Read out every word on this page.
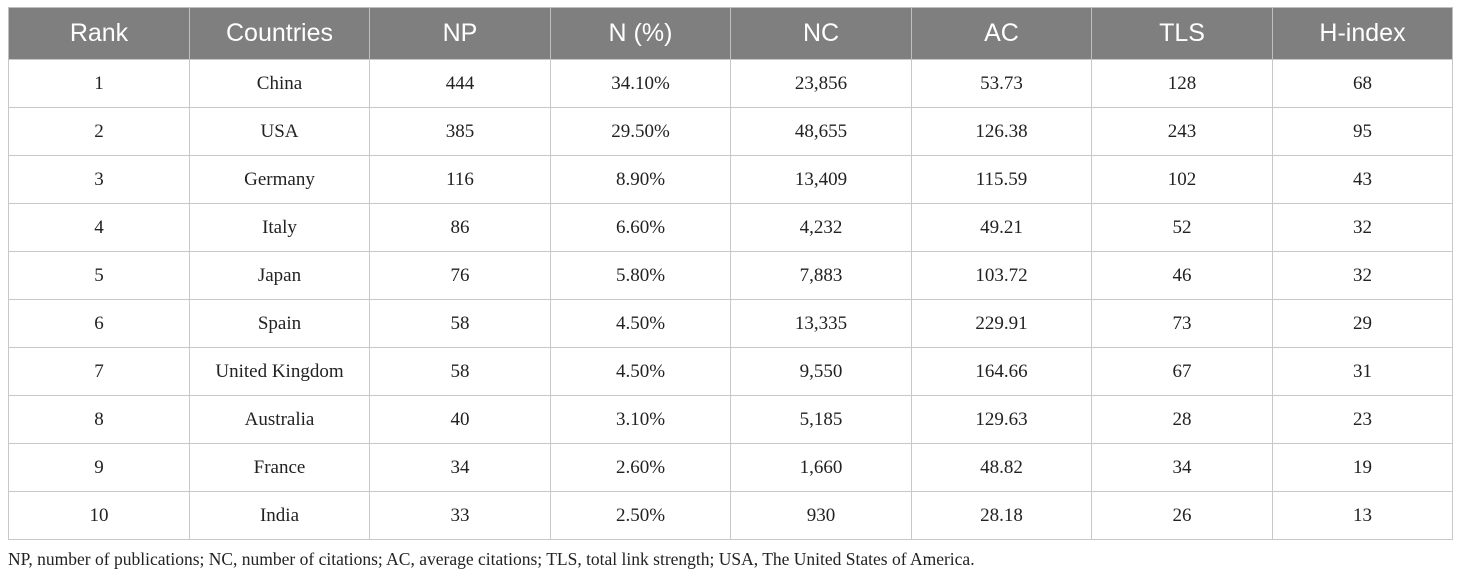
Rank	Countries	NP	N (%)	NC	AC	TLS	H-index
1	China	444	34.10%	23,856	53.73	128	68
2	USA	385	29.50%	48,655	126.38	243	95
3	Germany	116	8.90%	13,409	115.59	102	43
4	Italy	86	6.60%	4,232	49.21	52	32
5	Japan	76	5.80%	7,883	103.72	46	32
6	Spain	58	4.50%	13,335	229.91	73	29
7	United Kingdom	58	4.50%	9,550	164.66	67	31
8	Australia	40	3.10%	5,185	129.63	28	23
9	France	34	2.60%	1,660	48.82	34	19
10	India	33	2.50%	930	28.18	26	13
NP, number of publications; NC, number of citations; AC, average citations; TLS, total link strength; USA, The United States of America.
